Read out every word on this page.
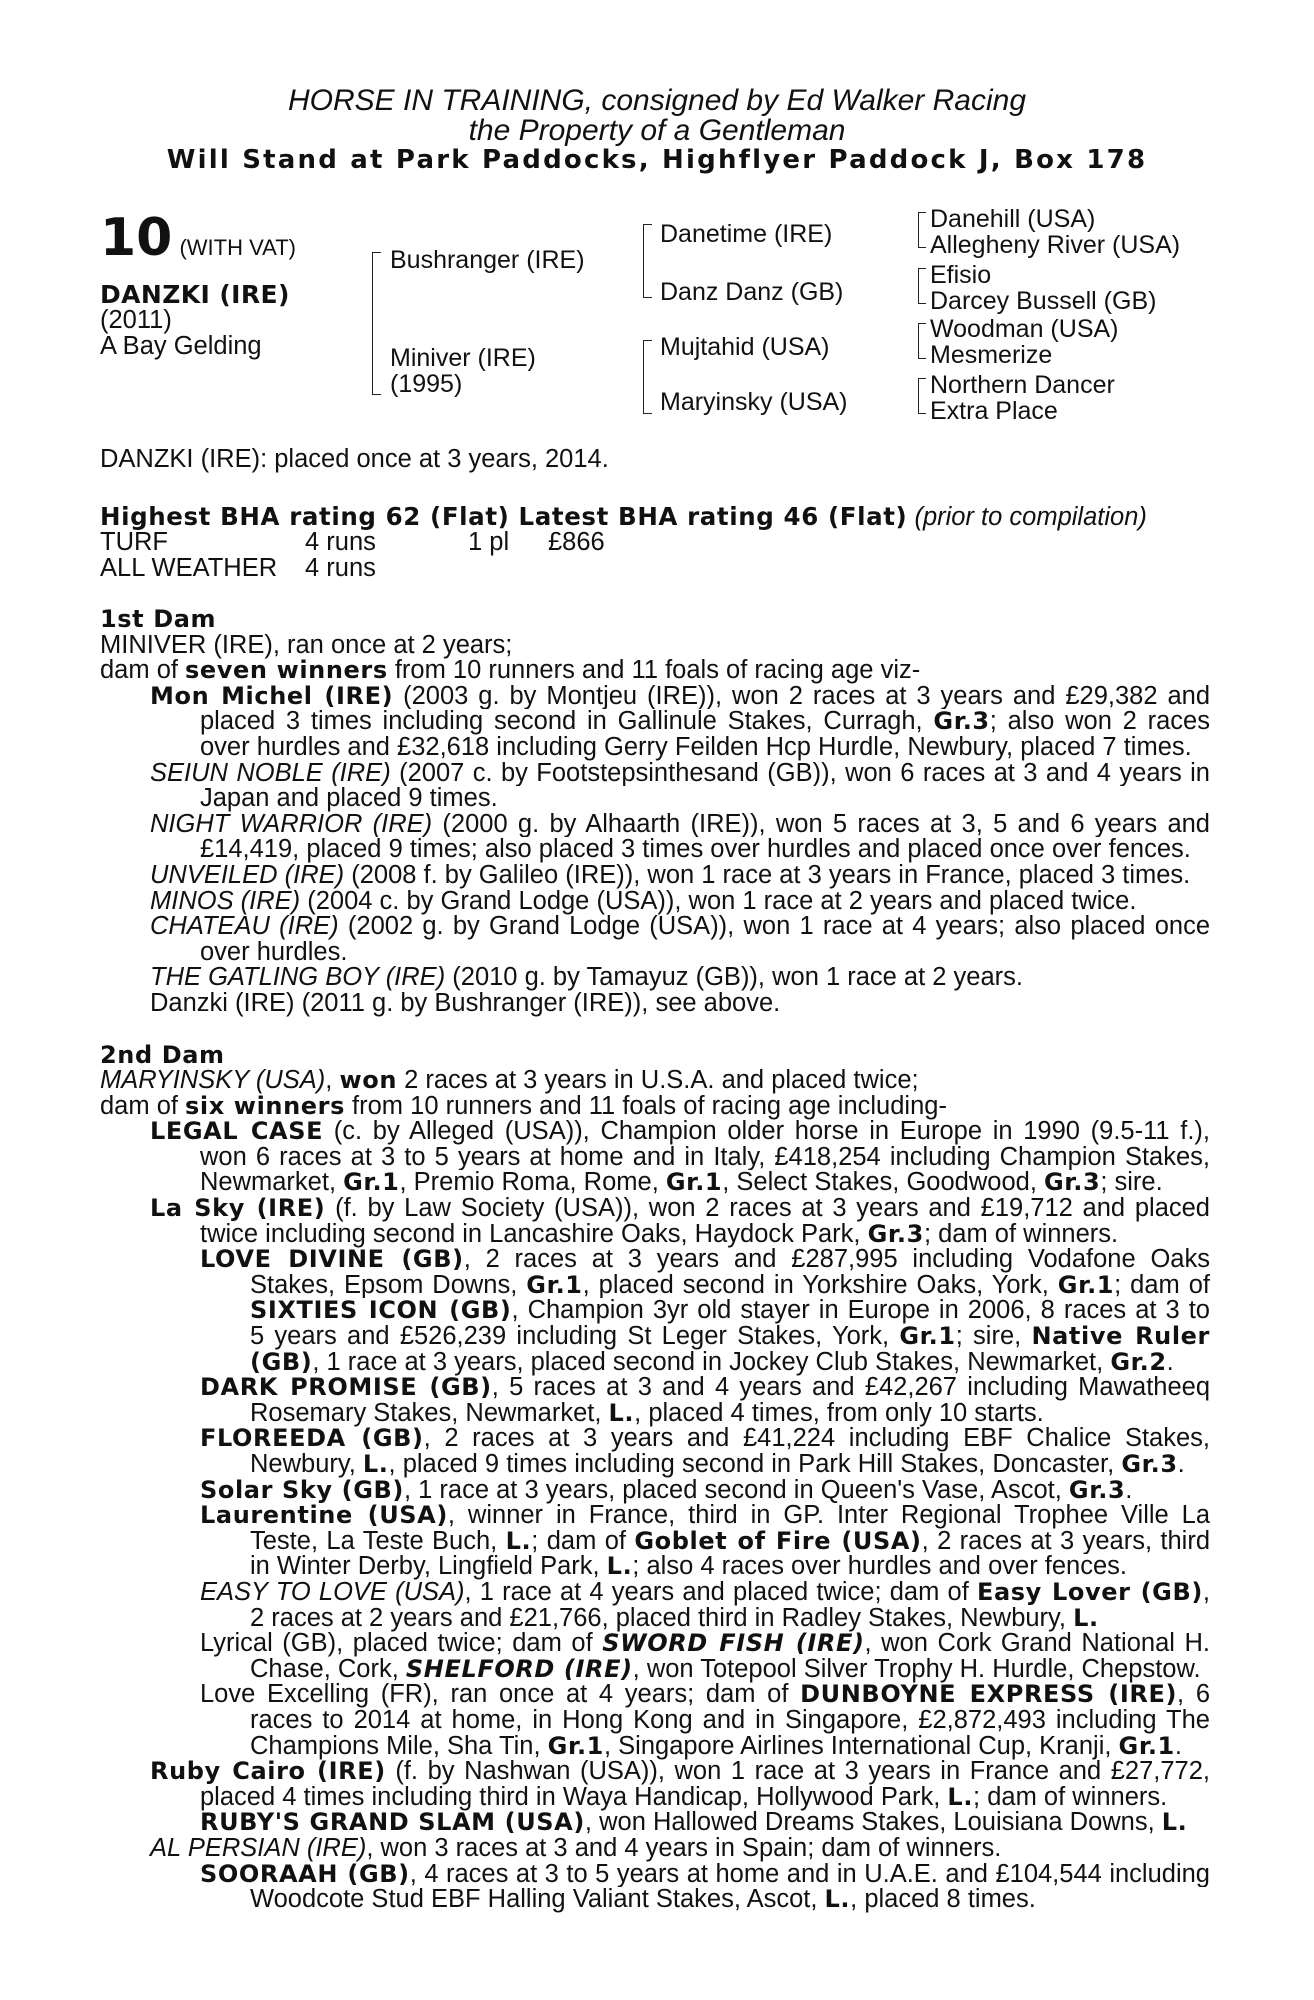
HORSE IN TRAINING, consigned by Ed Walker Racing
the Property of a Gentleman
Will Stand at Park Paddocks, Highflyer Paddock J, Box 178
10 (WITH VAT)
DANZKI (IRE)
(2011)
A Bay Gelding
Bushranger (IRE)
Miniver (IRE)
(1995)
Danetime (IRE)
Danz Danz (GB)
Mujtahid (USA)
Maryinsky (USA)
Danehill (USA)
Allegheny River (USA)
Efisio
Darcey Bussell (GB)
Woodman (USA)
Mesmerize
Northern Dancer
Extra Place
DANZKI (IRE): placed once at 3 years, 2014.
Highest BHA rating 62 (Flat) Latest BHA rating 46 (Flat) (prior to compilation)
TURF	4 runs	1 pl £866
ALL WEATHER 4 runs
1st Dam
MINIVER (IRE), ran once at 2 years;
dam of seven winners from 10 runners and 11 foals of racing age viz-
Mon Michel (IRE) (2003 g. by Montjeu (IRE)), won 2 races at 3 years and £29,382 and
placed 3 times including second in Gallinule Stakes, Curragh, Gr.3; also won 2 races
over hurdles and £32,618 including Gerry Feilden Hcp Hurdle, Newbury, placed 7 times.
SEIUN NOBLE (IRE) (2007 c. by Footstepsinthesand (GB)), won 6 races at 3 and 4 years in
Japan and placed 9 times.
NIGHT WARRIOR (IRE) (2000 g. by Alhaarth (IRE)), won 5 races at 3, 5 and 6 years and
£14,419, placed 9 times; also placed 3 times over hurdles and placed once over fences.
UNVEILED (IRE) (2008 f. by Galileo (IRE)), won 1 race at 3 years in France, placed 3 times.
MINOS (IRE) (2004 c. by Grand Lodge (USA)), won 1 race at 2 years and placed twice.
CHATEAU (IRE) (2002 g. by Grand Lodge (USA)), won 1 race at 4 years; also placed once
over hurdles.
THE GATLING BOY (IRE) (2010 g. by Tamayuz (GB)), won 1 race at 2 years.
Danzki (IRE) (2011 g. by Bushranger (IRE)), see above.
2nd Dam
MARYINSKY (USA), won 2 races at 3 years in U.S.A. and placed twice;
dam of six winners from 10 runners and 11 foals of racing age including-
LEGAL CASE (c. by Alleged (USA)), Champion older horse in Europe in 1990 (9.5-11 f.),
won 6 races at 3 to 5 years at home and in Italy, £418,254 including Champion Stakes,
Newmarket, Gr.1, Premio Roma, Rome, Gr.1, Select Stakes, Goodwood, Gr.3; sire.
La Sky (IRE) (f. by Law Society (USA)), won 2 races at 3 years and £19,712 and placed
twice including second in Lancashire Oaks, Haydock Park, Gr.3; dam of winners.
LOVE DIVINE (GB), 2 races at 3 years and £287,995 including Vodafone Oaks
Stakes, Epsom Downs, Gr.1, placed second in Yorkshire Oaks, York, Gr.1; dam of
SIXTIES ICON (GB), Champion 3yr old stayer in Europe in 2006, 8 races at 3 to
5 years and £526,239 including St Leger Stakes, York, Gr.1; sire, Native Ruler
(GB), 1 race at 3 years, placed second in Jockey Club Stakes, Newmarket, Gr.2.
DARK PROMISE (GB), 5 races at 3 and 4 years and £42,267 including Mawatheeq
Rosemary Stakes, Newmarket, L., placed 4 times, from only 10 starts.
FLOREEDA (GB), 2 races at 3 years and £41,224 including EBF Chalice Stakes,
Newbury, L., placed 9 times including second in Park Hill Stakes, Doncaster, Gr.3.
Solar Sky (GB), 1 race at 3 years, placed second in Queen's Vase, Ascot, Gr.3.
Laurentine (USA), winner in France, third in GP. Inter Regional Trophee Ville La
Teste, La Teste Buch, L.; dam of Goblet of Fire (USA), 2 races at 3 years, third
in Winter Derby, Lingfield Park, L.; also 4 races over hurdles and over fences.
EASY TO LOVE (USA), 1 race at 4 years and placed twice; dam of Easy Lover (GB),
2 races at 2 years and £21,766, placed third in Radley Stakes, Newbury, L.
Lyrical (GB), placed twice; dam of SWORD FISH (IRE), won Cork Grand National H.
Chase, Cork, SHELFORD (IRE), won Totepool Silver Trophy H. Hurdle, Chepstow.
Love Excelling (FR), ran once at 4 years; dam of DUNBOYNE EXPRESS (IRE), 6
races to 2014 at home, in Hong Kong and in Singapore, £2,872,493 including The
Champions Mile, Sha Tin, Gr.1, Singapore Airlines International Cup, Kranji, Gr.1.
Ruby Cairo (IRE) (f. by Nashwan (USA)), won 1 race at 3 years in France and £27,772,
placed 4 times including third in Waya Handicap, Hollywood Park, L.; dam of winners.
RUBY'S GRAND SLAM (USA), won Hallowed Dreams Stakes, Louisiana Downs, L.
AL PERSIAN (IRE), won 3 races at 3 and 4 years in Spain; dam of winners.
SOORAAH (GB), 4 races at 3 to 5 years at home and in U.A.E. and £104,544 including
Woodcote Stud EBF Halling Valiant Stakes, Ascot, L., placed 8 times.
